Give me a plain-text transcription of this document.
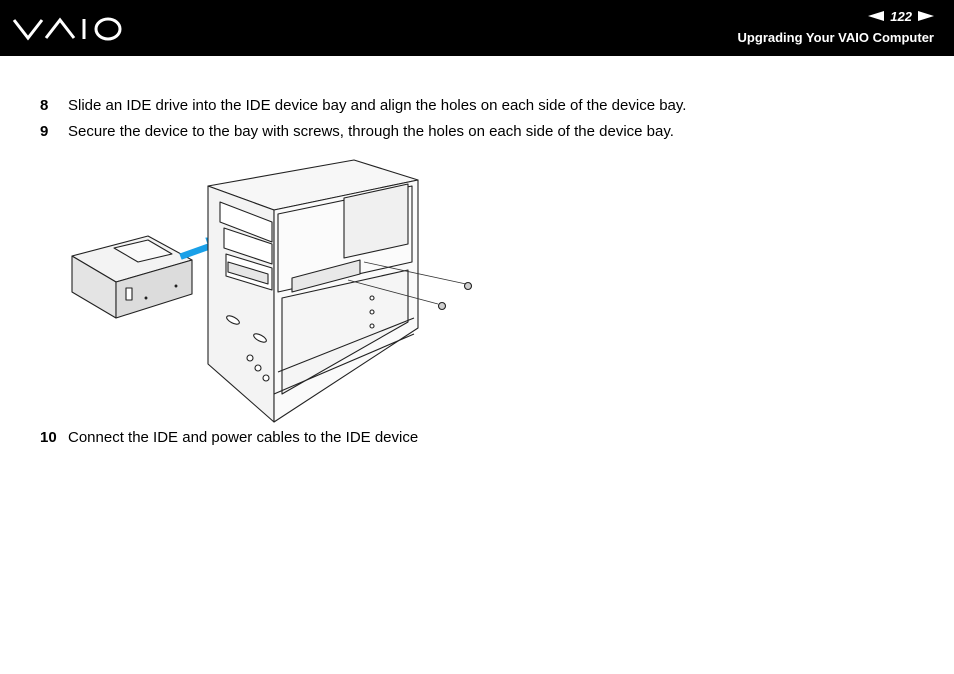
122
Upgrading Your VAIO Computer
8	Slide an IDE drive into the IDE device bay and align the holes on each side of the device bay.
9	Secure the device to the bay with screws, through the holes on each side of the device bay.
10 Connect the IDE and power cables to the IDE device
